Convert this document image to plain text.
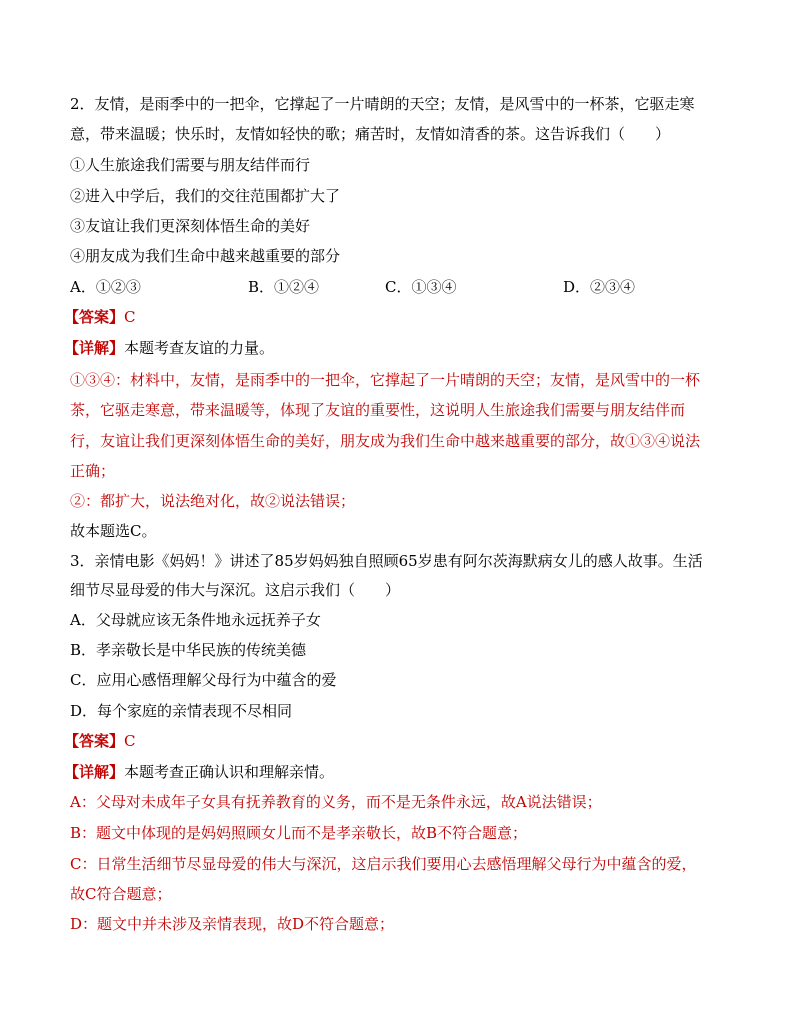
2．友情，是雨季中的一把伞，它撑起了一片晴朗的天空；友情，是风雪中的一杯茶，它驱走寒
意，带来温暖；快乐时，友情如轻快的歌；痛苦时，友情如清香的茶。这告诉我们（　　）
①人生旅途我们需要与朋友结伴而行
②进入中学后，我们的交往范围都扩大了
③友谊让我们更深刻体悟生命的美好
④朋友成为我们生命中越来越重要的部分
A．①②③	B．①②④	C．①③④	D．②③④
【答案】C
【详解】本题考查友谊的力量。
①③④：材料中，友情，是雨季中的一把伞，它撑起了一片晴朗的天空；友情，是风雪中的一杯
茶，它驱走寒意，带来温暖等，体现了友谊的重要性，这说明人生旅途我们需要与朋友结伴而
行，友谊让我们更深刻体悟生命的美好，朋友成为我们生命中越来越重要的部分，故①③④说法
正确；
②：都扩大，说法绝对化，故②说法错误；
故本题选C。
3．亲情电影《妈妈！》讲述了85岁妈妈独自照顾65岁患有阿尔茨海默病女儿的感人故事。生活
细节尽显母爱的伟大与深沉。这启示我们（　　）
A．父母就应该无条件地永远抚养子女
B．孝亲敬长是中华民族的传统美德
C．应用心感悟理解父母行为中蕴含的爱
D．每个家庭的亲情表现不尽相同
【答案】C
【详解】本题考查正确认识和理解亲情。
A：父母对未成年子女具有抚养教育的义务，而不是无条件永远，故A说法错误；
B：题文中体现的是妈妈照顾女儿而不是孝亲敬长，故B不符合题意；
C：日常生活细节尽显母爱的伟大与深沉，这启示我们要用心去感悟理解父母行为中蕴含的爱，
故C符合题意；
D：题文中并未涉及亲情表现，故D不符合题意；
